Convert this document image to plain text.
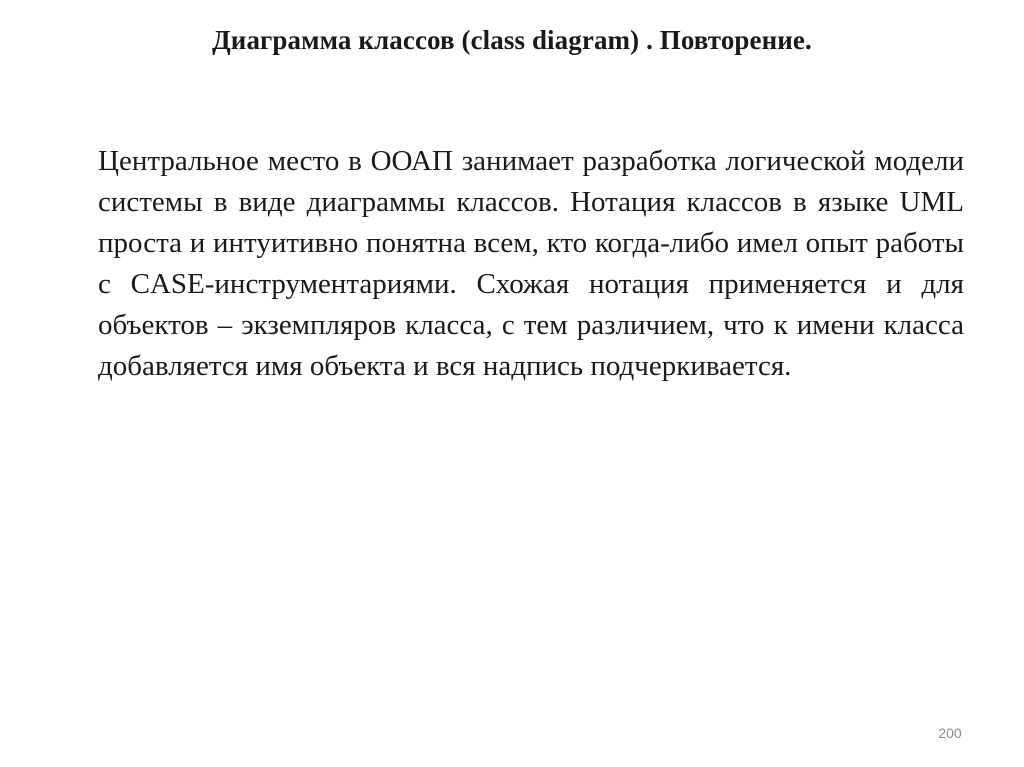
Диаграмма классов (class diagram) . Повторение.
Центральное место в ООАП занимает разработка логической модели системы в виде диаграммы классов. Нотация классов в языке UML проста и интуитивно понятна всем, кто когда-либо имел опыт работы с CASE-инструментариями. Схожая нотация применяется и для объектов – экземпляров класса, с тем различием, что к имени класса добавляется имя объекта и вся надпись подчеркивается.
200
